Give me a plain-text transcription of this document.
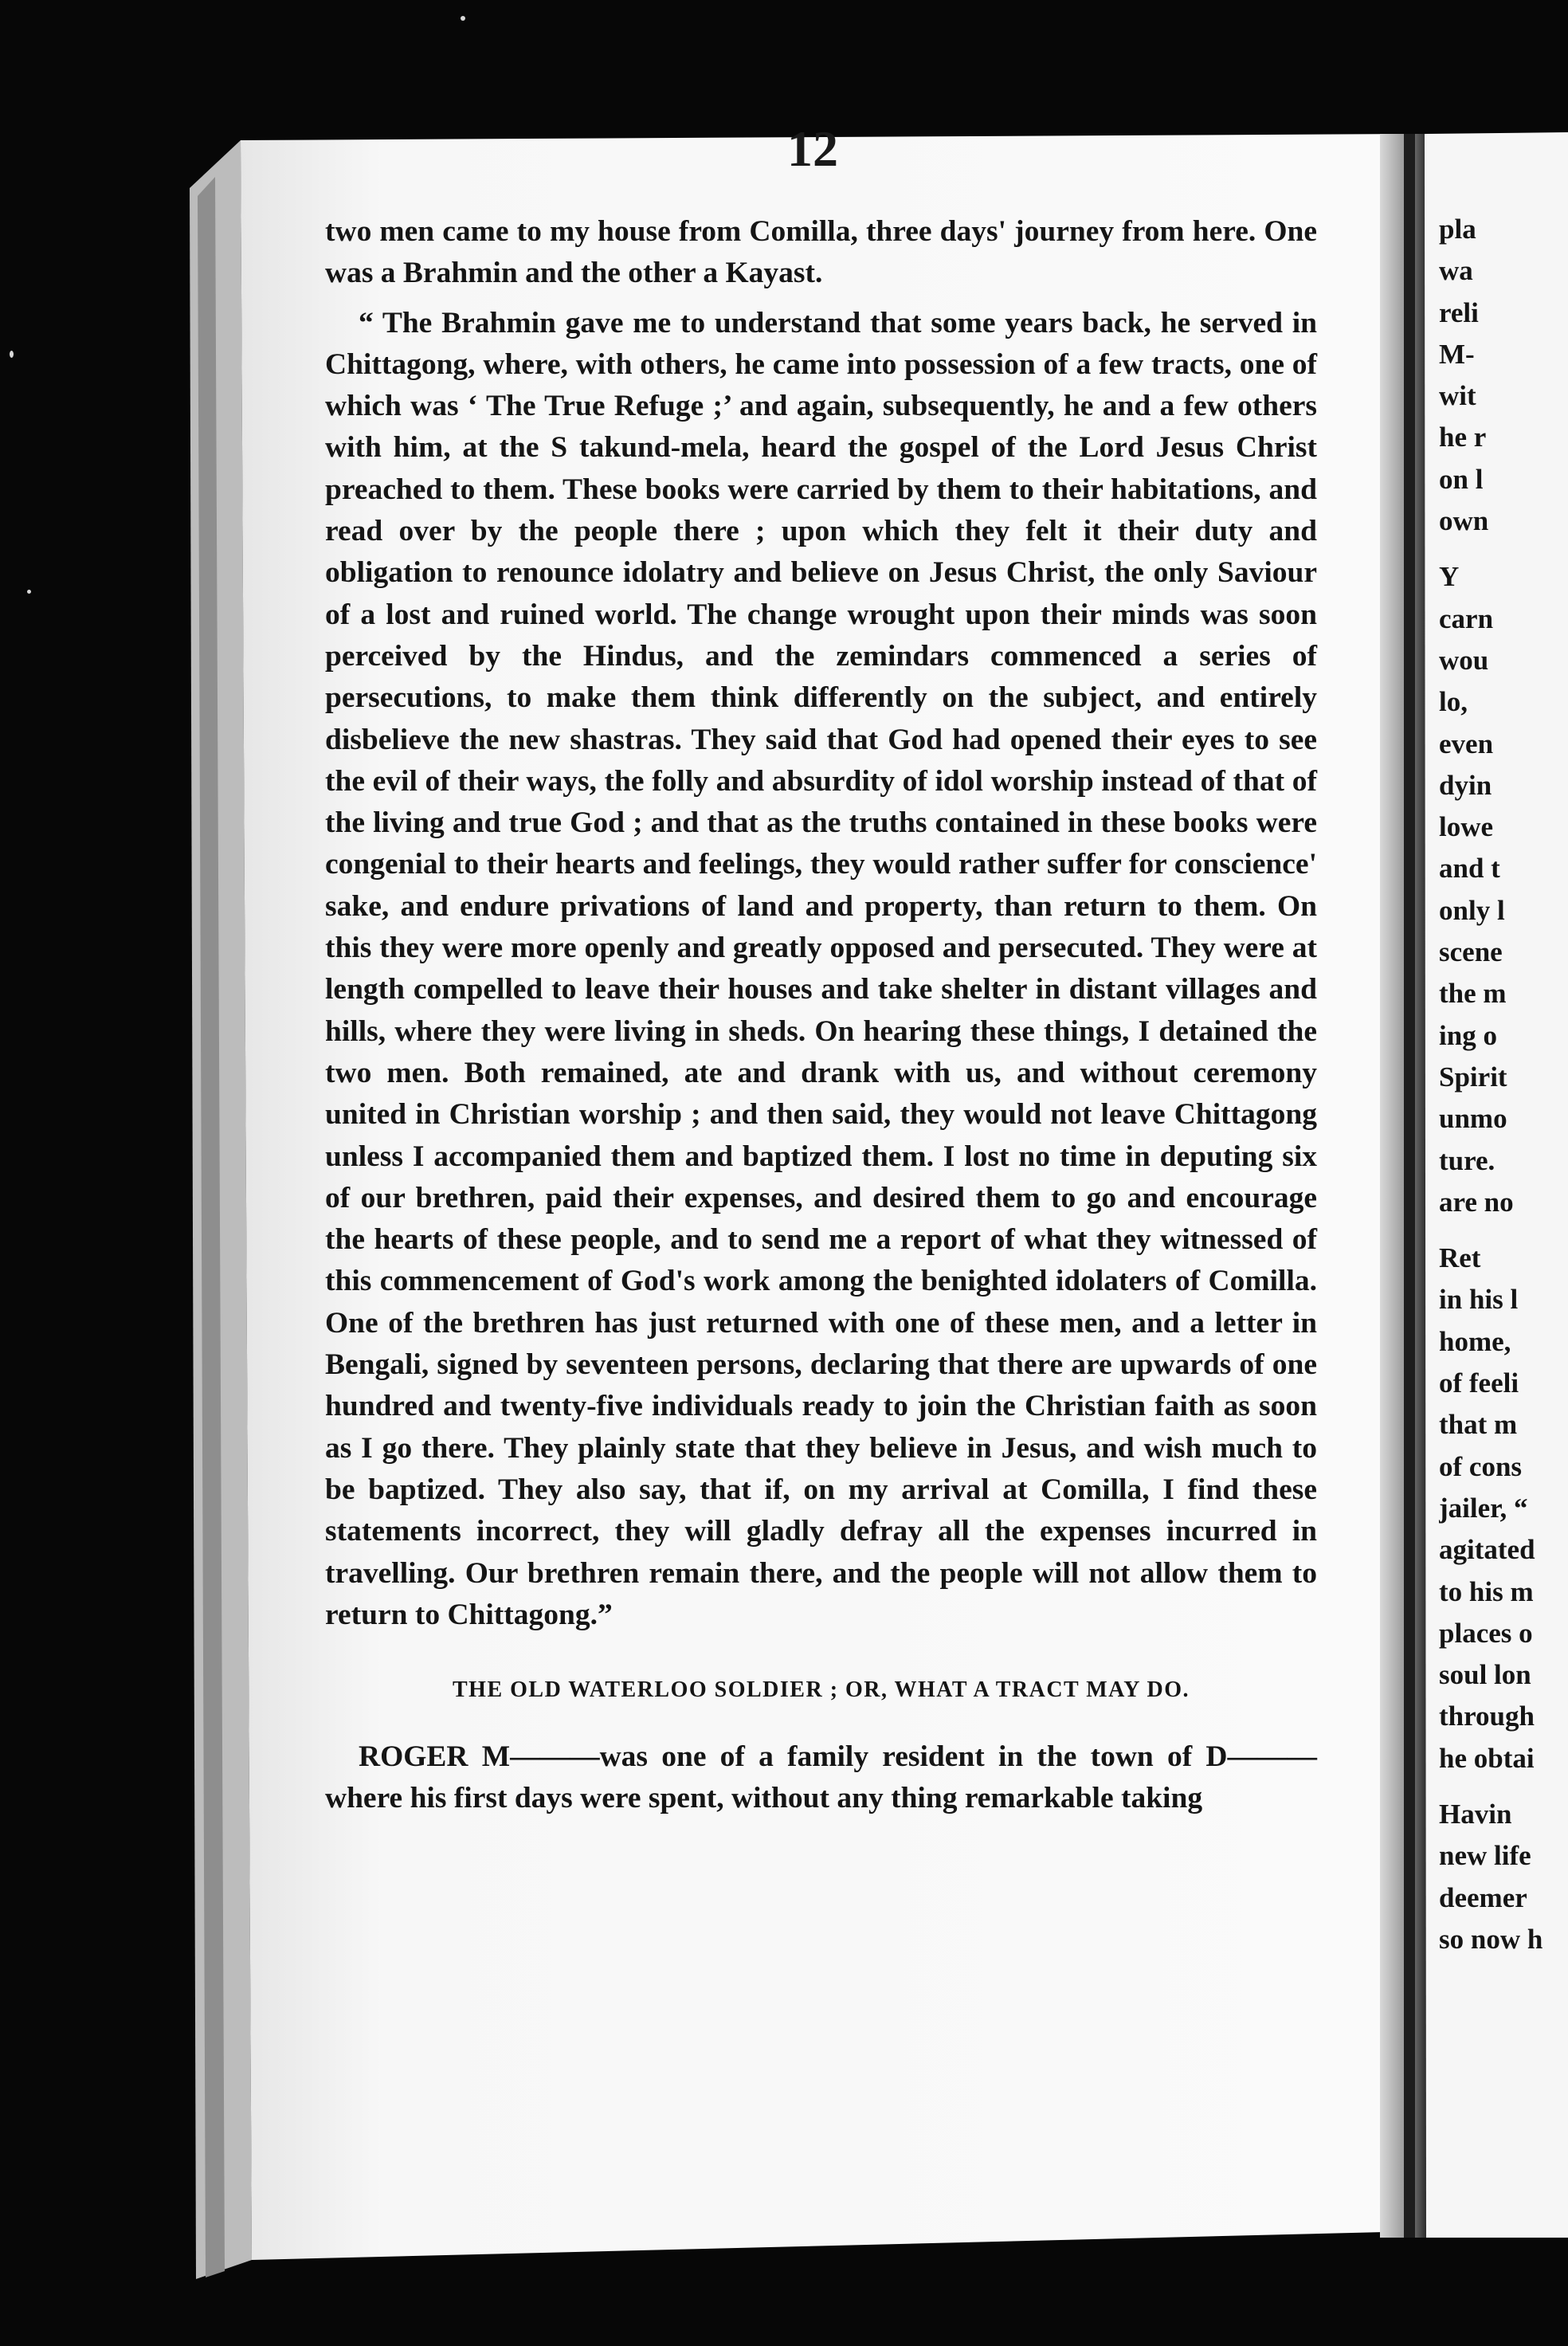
12

two men came to my house from Comilla, three days' journey from here. One was a Brahmin and the other a Kayast.

“ The Brahmin gave me to understand that some years back, he served in Chittagong, where, with others, he came into possession of a few tracts, one of which was ‘ The True Refuge ;’ and again, subsequently, he and a few others with him, at the S takund-mela, heard the gospel of the Lord Jesus Christ preached to them. These books were carried by them to their habitations, and read over by the people there ; upon which they felt it their duty and obligation to renounce idolatry and believe on Jesus Christ, the only Saviour of a lost and ruined world. The change wrought upon their minds was soon perceived by the Hindus, and the zemindars commenced a series of persecutions, to make them think differently on the subject, and entirely disbelieve the new shastras. They said that God had opened their eyes to see the evil of their ways, the folly and absurdity of idol worship instead of that of the living and true God ; and that as the truths contained in these books were congenial to their hearts and feelings, they would rather suffer for conscience' sake, and endure privations of land and property, than return to them. On this they were more openly and greatly opposed and persecuted. They were at length compelled to leave their houses and take shelter in distant villages and hills, where they were living in sheds. On hearing these things, I detained the two men. Both remained, ate and drank with us, and without ceremony united in Christian worship ; and then said, they would not leave Chittagong unless I accompanied them and baptized them. I lost no time in deputing six of our brethren, paid their expenses, and desired them to go and encourage the hearts of these people, and to send me a report of what they witnessed of this commencement of God's work among the benighted idolaters of Comilla. One of the brethren has just returned with one of these men, and a letter in Bengali, signed by seventeen persons, declaring that there are upwards of one hundred and twenty-five individuals ready to join the Christian faith as soon as I go there. They plainly state that they believe in Jesus, and wish much to be baptized. They also say, that if, on my arrival at Comilla, I find these statements incorrect, they will gladly defray all the expenses incurred in travelling. Our brethren remain there, and the people will not allow them to return to Chittagong.”

THE OLD WATERLOO SOLDIER ; OR, WHAT A TRACT MAY DO.

ROGER M———was one of a family resident in the town of D——— where his first days were spent, without any thing remarkable taking

pla

wa

reli

M-

wit

he r

on l

own

Y

carn

wou

lo,

even

dyin

lowe

and t

only l

scene

the m

ing o

Spirit

unmo

ture.

are no

Ret

in his l

home,

of feeli

that m

of cons

jailer, “

agitated

to his m

places o

soul lon

through

he obtai

Havin

new life

deemer

so now h
